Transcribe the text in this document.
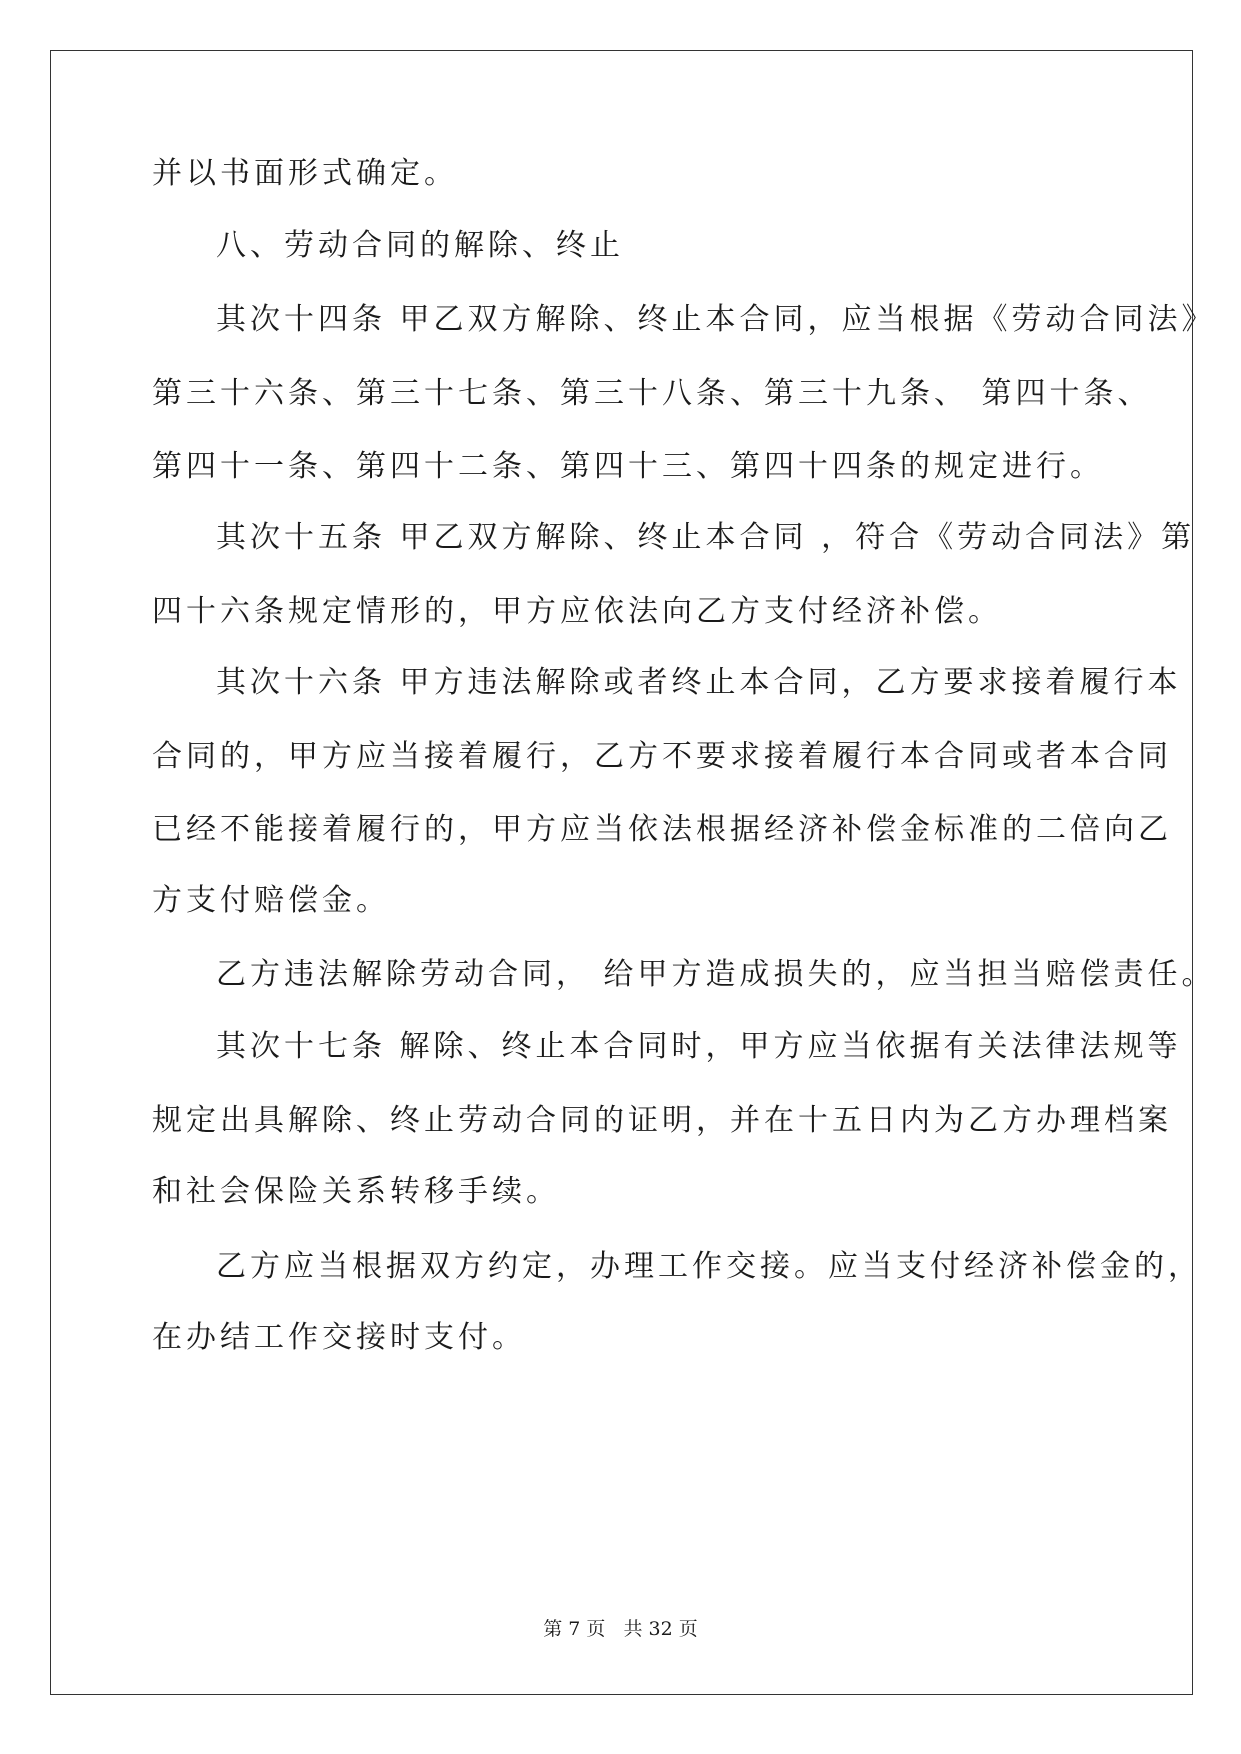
并以书面形式确定。
八、劳动合同的解除、终止
其次十四条 甲乙双方解除、终止本合同，应当根据《劳动合同法》
第三十六条、第三十七条、第三十八条、第三十九条、 第四十条、
第四十一条、第四十二条、第四十三、第四十四条的规定进行。
其次十五条 甲乙双方解除、终止本合同 ，符合《劳动合同法》第
四十六条规定情形的，甲方应依法向乙方支付经济补偿。
其次十六条 甲方违法解除或者终止本合同，乙方要求接着履行本
合同的，甲方应当接着履行，乙方不要求接着履行本合同或者本合同
已经不能接着履行的，甲方应当依法根据经济补偿金标准的二倍向乙
方支付赔偿金。
乙方违法解除劳动合同， 给甲方造成损失的，应当担当赔偿责任。
其次十七条 解除、终止本合同时，甲方应当依据有关法律法规等
规定出具解除、终止劳动合同的证明，并在十五日内为乙方办理档案
和社会保险关系转移手续。
乙方应当根据双方约定，办理工作交接。应当支付经济补偿金的，
在办结工作交接时支付。
第 7 页   共 32 页
